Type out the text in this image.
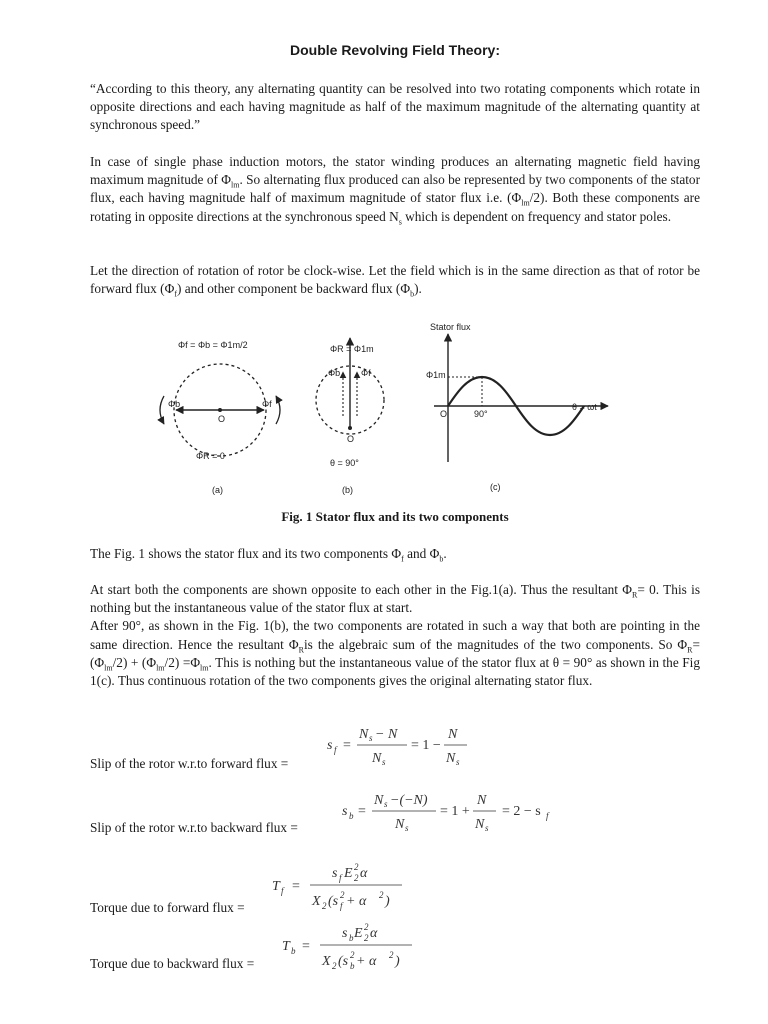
Double Revolving Field Theory:

“According to this theory, any alternating quantity can be resolved into two rotating components which rotate in opposite directions and each having magnitude as half of the maximum magnitude of the alternating quantity at synchronous speed.”

In case of single phase induction motors, the stator winding produces an alternating magnetic field having maximum magnitude of $\Phi_{lm}$. So alternating flux produced can also be represented by two components of the stator flux, each having magnitude half of maximum magnitude of stator flux i.e. $(\Phi_{lm}/2)$. Both these components are rotating in opposite directions at the synchronous speed $N_s$ which is dependent on frequency and stator poles.

Let the direction of rotation of rotor be clock-wise. Let the field which is in the same direction as that of rotor be forward flux $(\Phi_f)$ and other component be backward flux $(\Phi_b)$.

Φf = Φb = Φ1m/2
Φb	Φf
O
ΦR = 0
(a)
ΦR = Φ1m
Φb Φf
O
θ = 90°
(b)
Stator flux
Φ1m
O	90°
θ = ωt
(c)
Fig. 1 Stator flux and its two components

The Fig. 1 shows the stator flux and its two components $\Phi_f$ and $\Phi_b$.

At start both the components are shown opposite to each other in the Fig.1(a). Thus the resultant $\Phi_R= 0$. This is nothing but the instantaneous value of the stator flux at start.
After 90°, as shown in the Fig. 1(b), the two components are rotated in such a way that both are pointing in the same direction. Hence the resultant $\Phi_Ris$ the algebraic sum of the magnitudes of the two components. So $\Phi_R= (\Phi_{lm}/2) + (\Phi_{lm}/2) =\Phi_{lm}$. This is nothing but the instantaneous value of the stator flux at θ = 90° as shown in the Fig 1(c). Thus continuous rotation of the two components gives the original alternating stator flux.

Slip of the rotor w.r.to forward flux =
s f =
N s − N
N s
= 1 −
N
N s
Slip of the rotor w.r.to backward flux =
s b =
N s −(−N)
N s
= 1 +
N
N s
= 2 − s f
Torque due to forward flux =
T f =
s f E 2
2 α
X 2 (s 2
f + α 2 )
Torque due to backward flux =
T b =
s b E 2
2 α
X 2 (s 2
b + α 2 )
